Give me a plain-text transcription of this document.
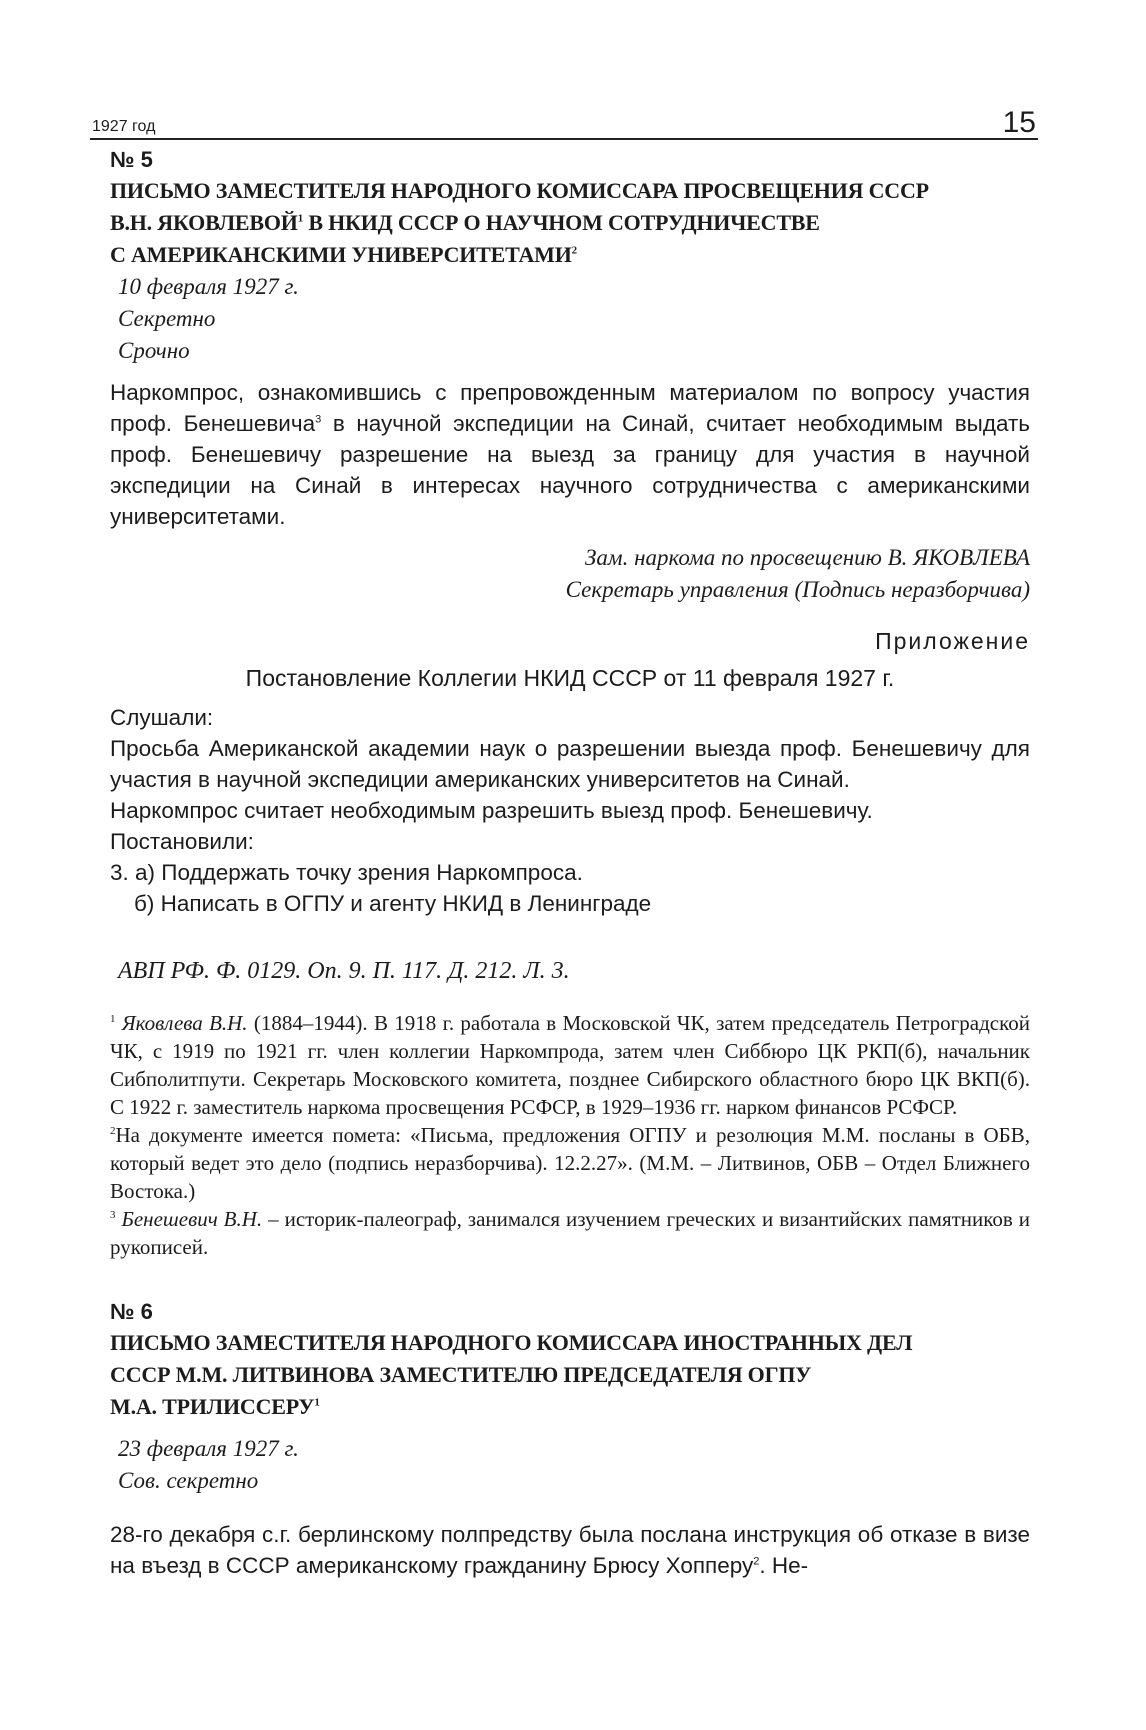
1927 год	15

№ 5

ПИСЬМО ЗАМЕСТИТЕЛЯ НАРОДНОГО КОМИССАРА ПРОСВЕЩЕНИЯ СССР

В.Н. ЯКОВЛЕВОЙ$^1$ В НКИД СССР О НАУЧНОМ СОТРУДНИЧЕСТВЕ

С АМЕРИКАНСКИМИ УНИВЕРСИТЕТАМИ$^2$

10 февраля 1927 г.

Секретно

Срочно

Наркомпрос, ознакомившись с препровожденным материалом по вопросу участия проф. Бенешевича$^3$ в научной экспедиции на Синай, считает необходимым выдать проф. Бенешевичу разрешение на выезд за границу для участия в научной экспедиции на Синай в интересах научного сотрудничества с американскими университетами.

Зам. наркома по просвещению В. ЯКОВЛЕВА

Секретарь управления (Подпись неразборчива)

Приложение

Постановление Коллегии НКИД СССР от 11 февраля 1927 г.

Слушали:

Просьба Американской академии наук о разрешении выезда проф. Бенешевичу для участия в научной экспедиции американских университетов на Синай.

Наркомпрос считает необходимым разрешить выезд проф. Бенешевичу.

Постановили:

3. а) Поддержать точку зрения Наркомпроса.

б) Написать в ОГПУ и агенту НКИД в Ленинграде

АВП РФ. Ф. 0129. Оп. 9. П. 117. Д. 212. Л. 3.

$^1$ Яковлева В.Н. (1884–1944). В 1918 г. работала в Московской ЧК, затем председатель Петроградской ЧК, с 1919 по 1921 гг. член коллегии Наркомпрода, затем член Сиббюро ЦК РКП(б), начальник Сибполитпути. Секретарь Московского комитета, позднее Сибирского областного бюро ЦК ВКП(б). С 1922 г. заместитель наркома просвещения РСФСР, в 1929–1936 гг. нарком финансов РСФСР.

$^2$На документе имеется помета: «Письма, предложения ОГПУ и резолюция М.М. посланы в ОБВ, который ведет это дело (подпись неразборчива). 12.2.27». (М.М. – Литвинов, ОБВ – Отдел Ближнего Востока.)

$^3$ Бенешевич В.Н. – историк-палеограф, занимался изучением греческих и византийских памятников и рукописей.

№ 6

ПИСЬМО ЗАМЕСТИТЕЛЯ НАРОДНОГО КОМИССАРА ИНОСТРАННЫХ ДЕЛ

СССР М.М. ЛИТВИНОВА ЗАМЕСТИТЕЛЮ ПРЕДСЕДАТЕЛЯ ОГПУ

М.А. ТРИЛИССЕРУ$^1$

23 февраля 1927 г.

Сов. секретно

28-го декабря с.г. берлинскому полпредству была послана инструкция об отказе в визе на въезд в СССР американскому гражданину Брюсу Хопперу$^2$. Не-
